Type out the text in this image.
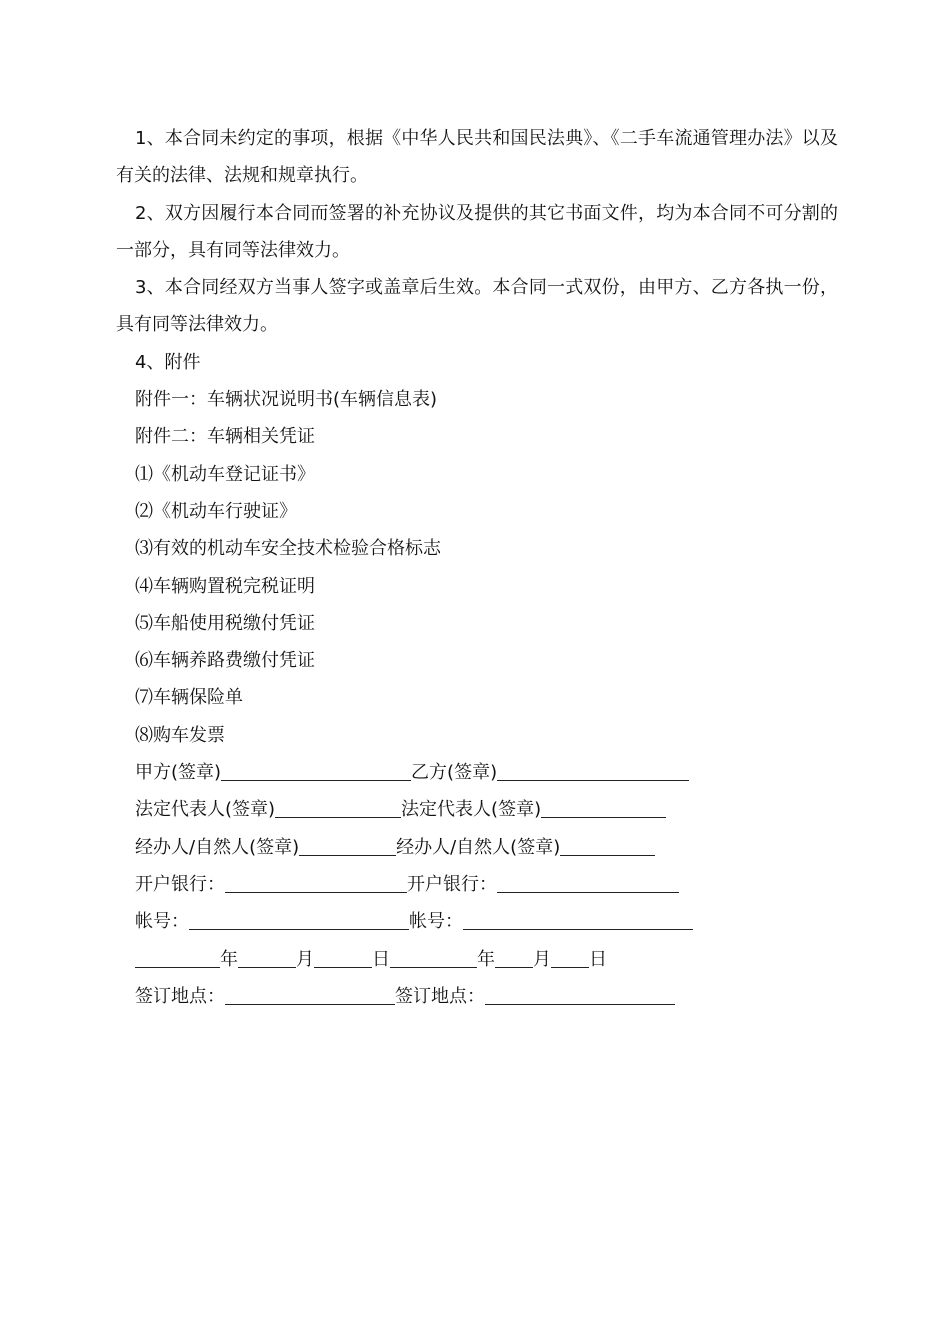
1、本合同未约定的事项，根据《中华人民共和国民法典》、《二手车流通管理办法》以及有关的法律、法规和规章执行。

2、双方因履行本合同而签署的补充协议及提供的其它书面文件，均为本合同不可分割的一部分，具有同等法律效力。

3、本合同经双方当事人签字或盖章后生效。本合同一式双份，由甲方、乙方各执一份，具有同等法律效力。

4、附件

附件一：车辆状况说明书(车辆信息表)

附件二：车辆相关凭证

⑴《机动车登记证书》

⑵《机动车行驶证》

⑶有效的机动车安全技术检验合格标志

⑷车辆购置税完税证明

⑸车船使用税缴付凭证

⑹车辆养路费缴付凭证

⑺车辆保险单

⑻购车发票

甲方(签章)	乙方(签章)

法定代表人(签章)	法定代表人(签章)

经办人/自然人(签章)	经办人/自然人(签章)

开户银行：	开户银行：

帐号：	帐号：

年	月	日	年 月 日

签订地点：	签订地点：
